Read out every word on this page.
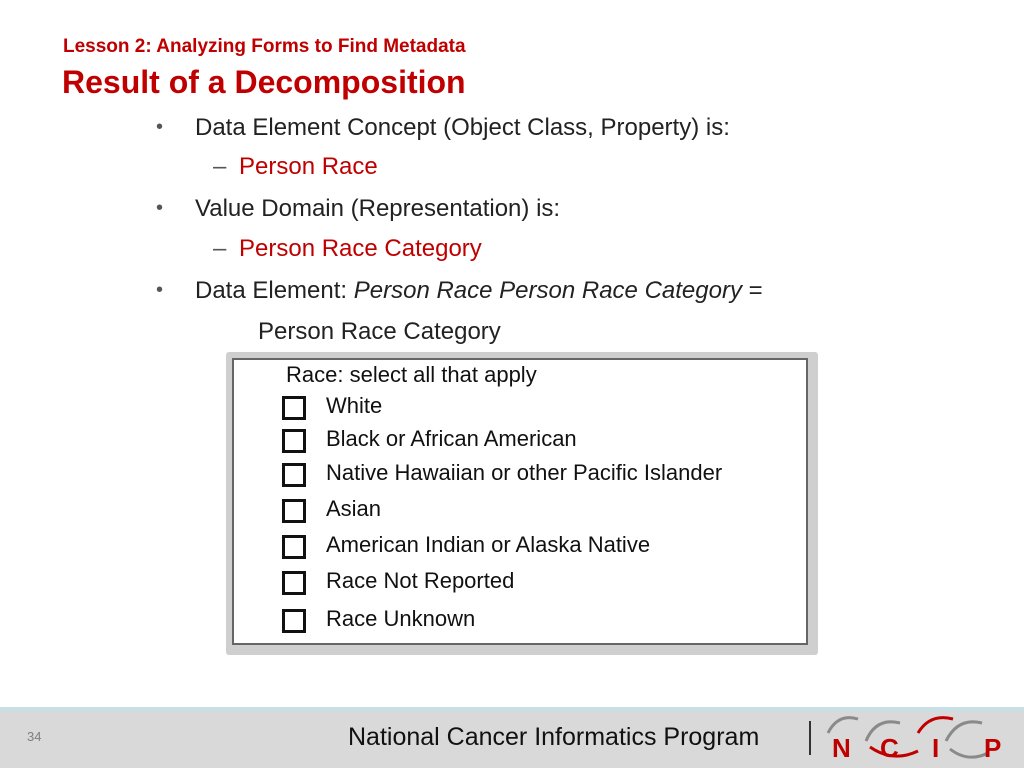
Lesson 2: Analyzing Forms to Find Metadata
Result of a Decomposition
• Data Element Concept (Object Class, Property) is:
– Person Race
• Value Domain (Representation) is:
– Person Race Category
• Data Element: Person Race Person Race Category =
Person Race Category
Race: select all that apply
White
Black or African American
Native Hawaiian or other Pacific Islander
Asian
American Indian or Alaska Native
Race Not Reported
Race Unknown
34	National Cancer Informatics Program	N C I P
